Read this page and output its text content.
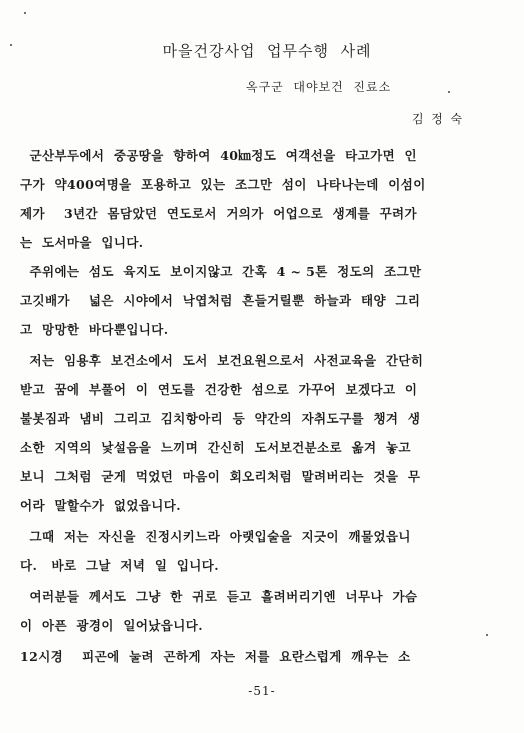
마을건강사업  업무수행  사례
옥구군  대야보건  진료소
김  정  숙
군산부두에서  중공땅을  향하여  40㎞정도  여객선을  타고가면  인
구가  약400여명을  포용하고  있는  조그만  섬이  나타나는데  이섬이
제가    3년간  몸담았던  연도로서  거의가  어업으로  생계를  꾸려가
는  도서마을  입니다.
주위에는  섬도  육지도  보이지않고  간혹  4 ~ 5톤  정도의  조그만
고깃배가    넓은  시야에서  낙엽처럼  흔들거릴뿐  하늘과  태양  그리
고  망망한  바다뿐입니다.
저는  임용후  보건소에서  도서  보건요원으로서  사전교육을  간단히
받고  꿈에  부풀어  이  연도를  건강한  섬으로  가꾸어  보겠다고  이
불봇짐과  냄비  그리고  김치항아리  등  약간의  자취도구를  챙겨  생
소한  지역의  낯설음을  느끼며  간신히  도서보건분소로  옮겨  놓고
보니  그처럼  굳게  먹었던  마음이  회오리처럼  말려버리는  것을  무
어라  말할수가  없었읍니다.
그때  저는  자신을  진정시키느라  아랫입술을  지긋이  깨물었읍니
다.   바로  그날  저녁  일  입니다.
여러분들  께서도  그냥  한  귀로  듣고  흘려버리기엔  너무나  가슴
이  아픈  광경이  일어났읍니다.
12시경    피곤에  눌려  곤하게  자는  저를  요란스럽게  깨우는  소
-51-
